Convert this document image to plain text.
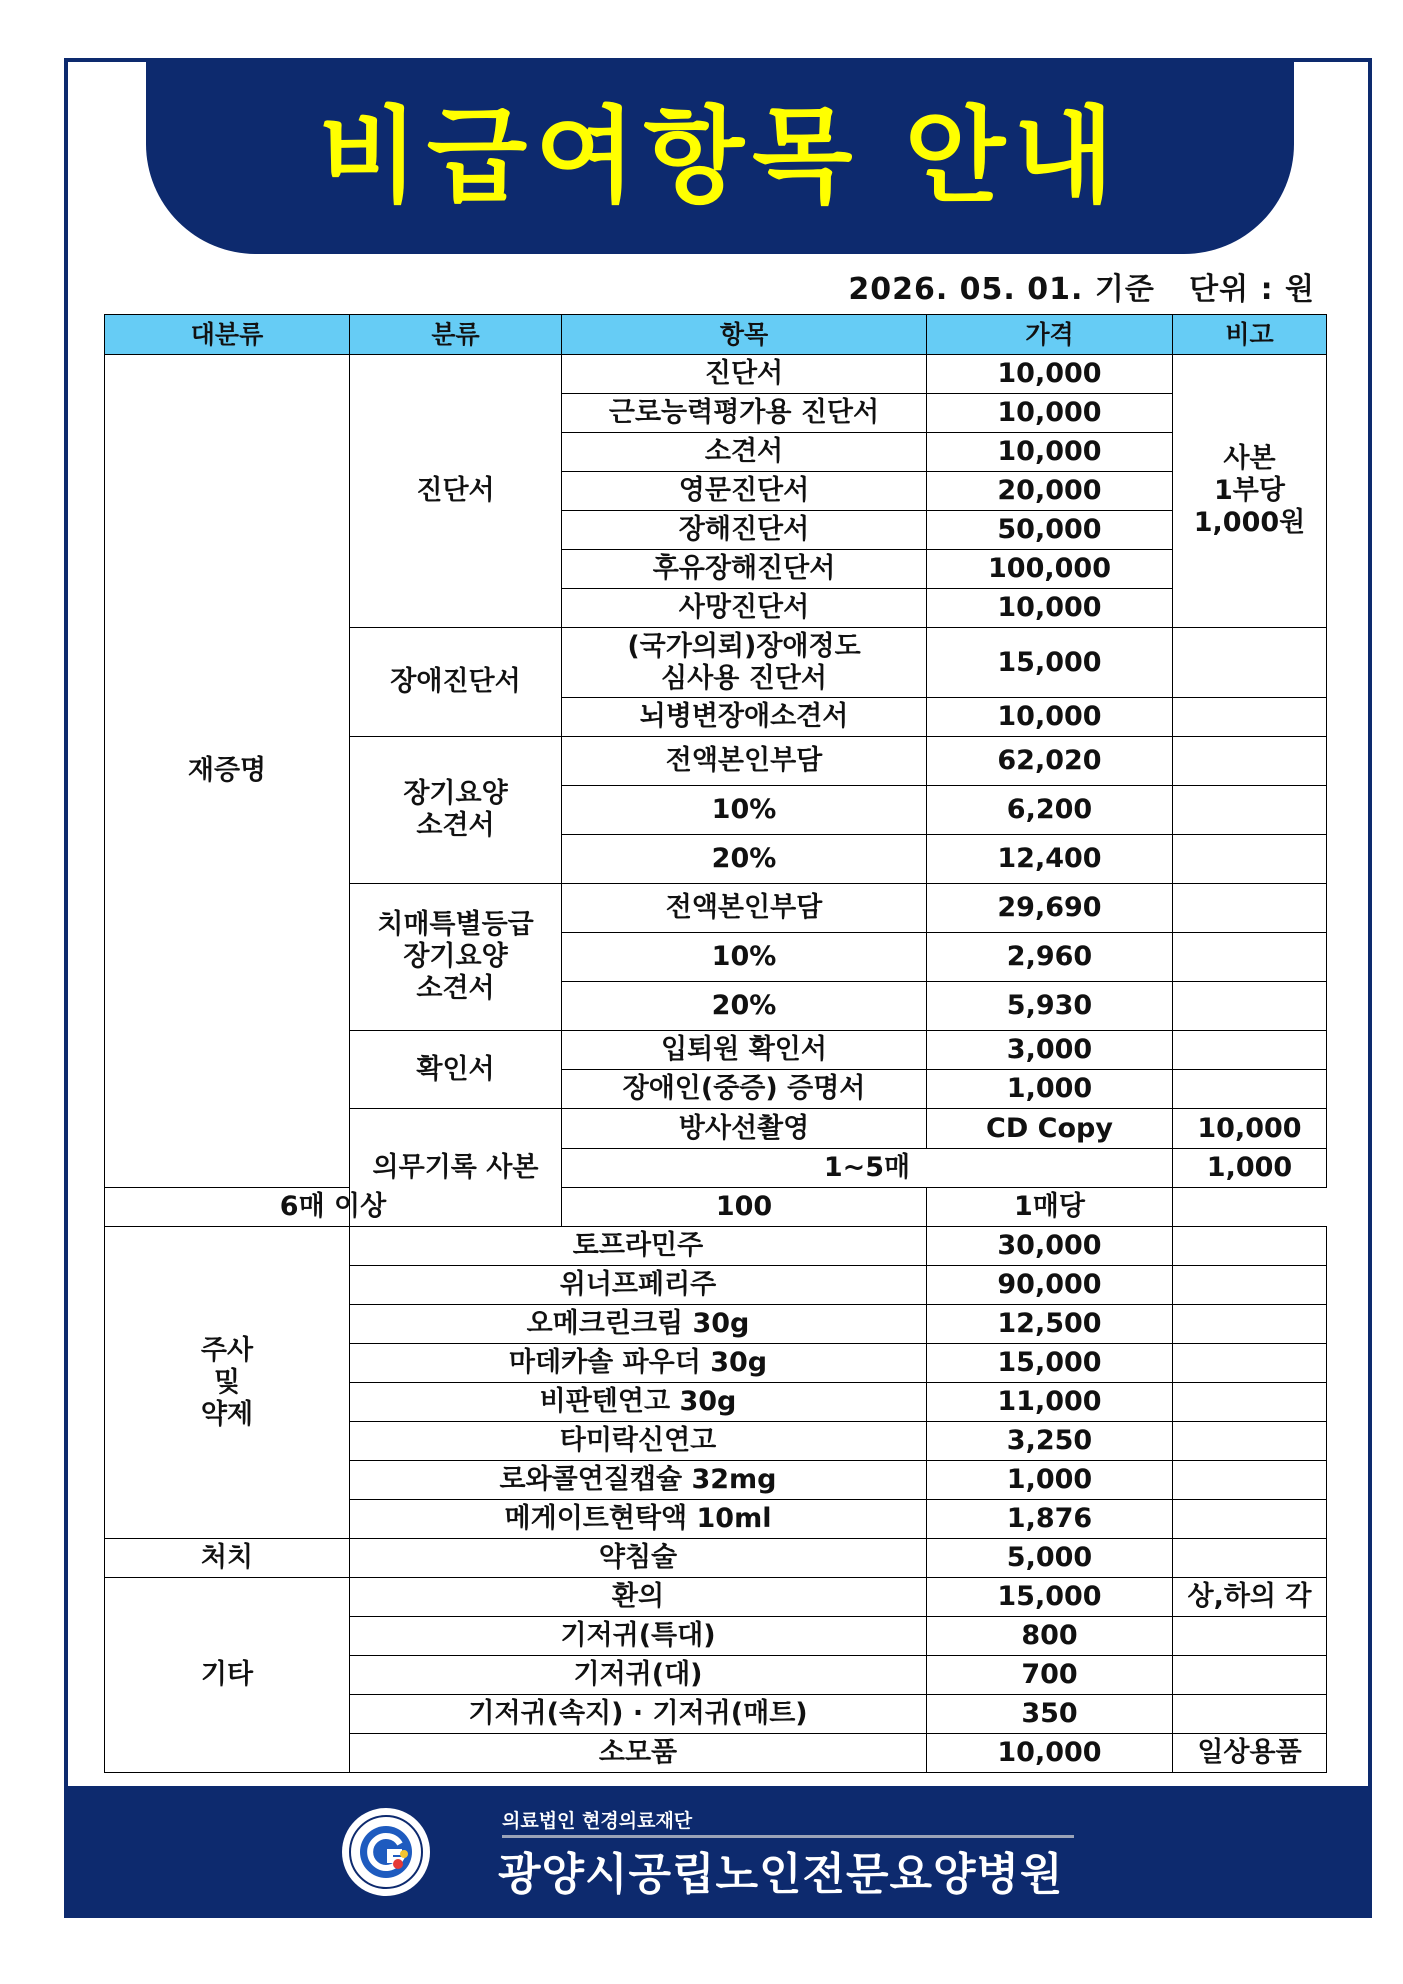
비급여항목 안내
2026. 05. 01. 기준 단위 : 원
대분류	분류	항목	가격	비고	
재증명	진단서	진단서	10,000	사본
1부당
1,000원	

		근로능력평가용 진단서	10,000		
		소견서	10,000		
		영문진단서	20,000		
		장해진단서	50,000		
		후유장해진단서	100,000		
		사망진단서	10,000		
	장애진단서	(국가의뢰)장애정도
심사용 진단서	15,000		
		뇌병변장애소견서	10,000		

	장기요양
소견서	전액본인부담	62,020		
		10%	6,200		
		20%	12,400		

	치매특별등급
장기요양
소견서	전액본인부담	29,690		
		10%	2,960		
		20%	5,930		
	확인서	입퇴원 확인서	3,000		
		장애인(중증) 증명서	1,000		
	의무기록 사본	방사선촬영	CD Copy	10,000	
		1~5매		1,000	
6매 이상		100	1매당		

주사
및
약제	토프라민주		30,000		
	위너프페리주		90,000		
	오메크린크림 30g		12,500		
	마데카솔 파우더 30g		15,000		
	비판텐연고 30g		11,000		
	타미락신연고		3,250		
	로와콜연질캡슐 32mg		1,000		
	메게이트현탁액 10ml		1,876		
처치	약침술		5,000		
기타	환의		15,000	상,하의 각	
	기저귀(특대)		800		
	기저귀(대)		700		
	기저귀(속지) · 기저귀(매트)		350		
	소모품		10,000	일상용품	
의료법인 현경의료재단
광양시공립노인전문요양병원
